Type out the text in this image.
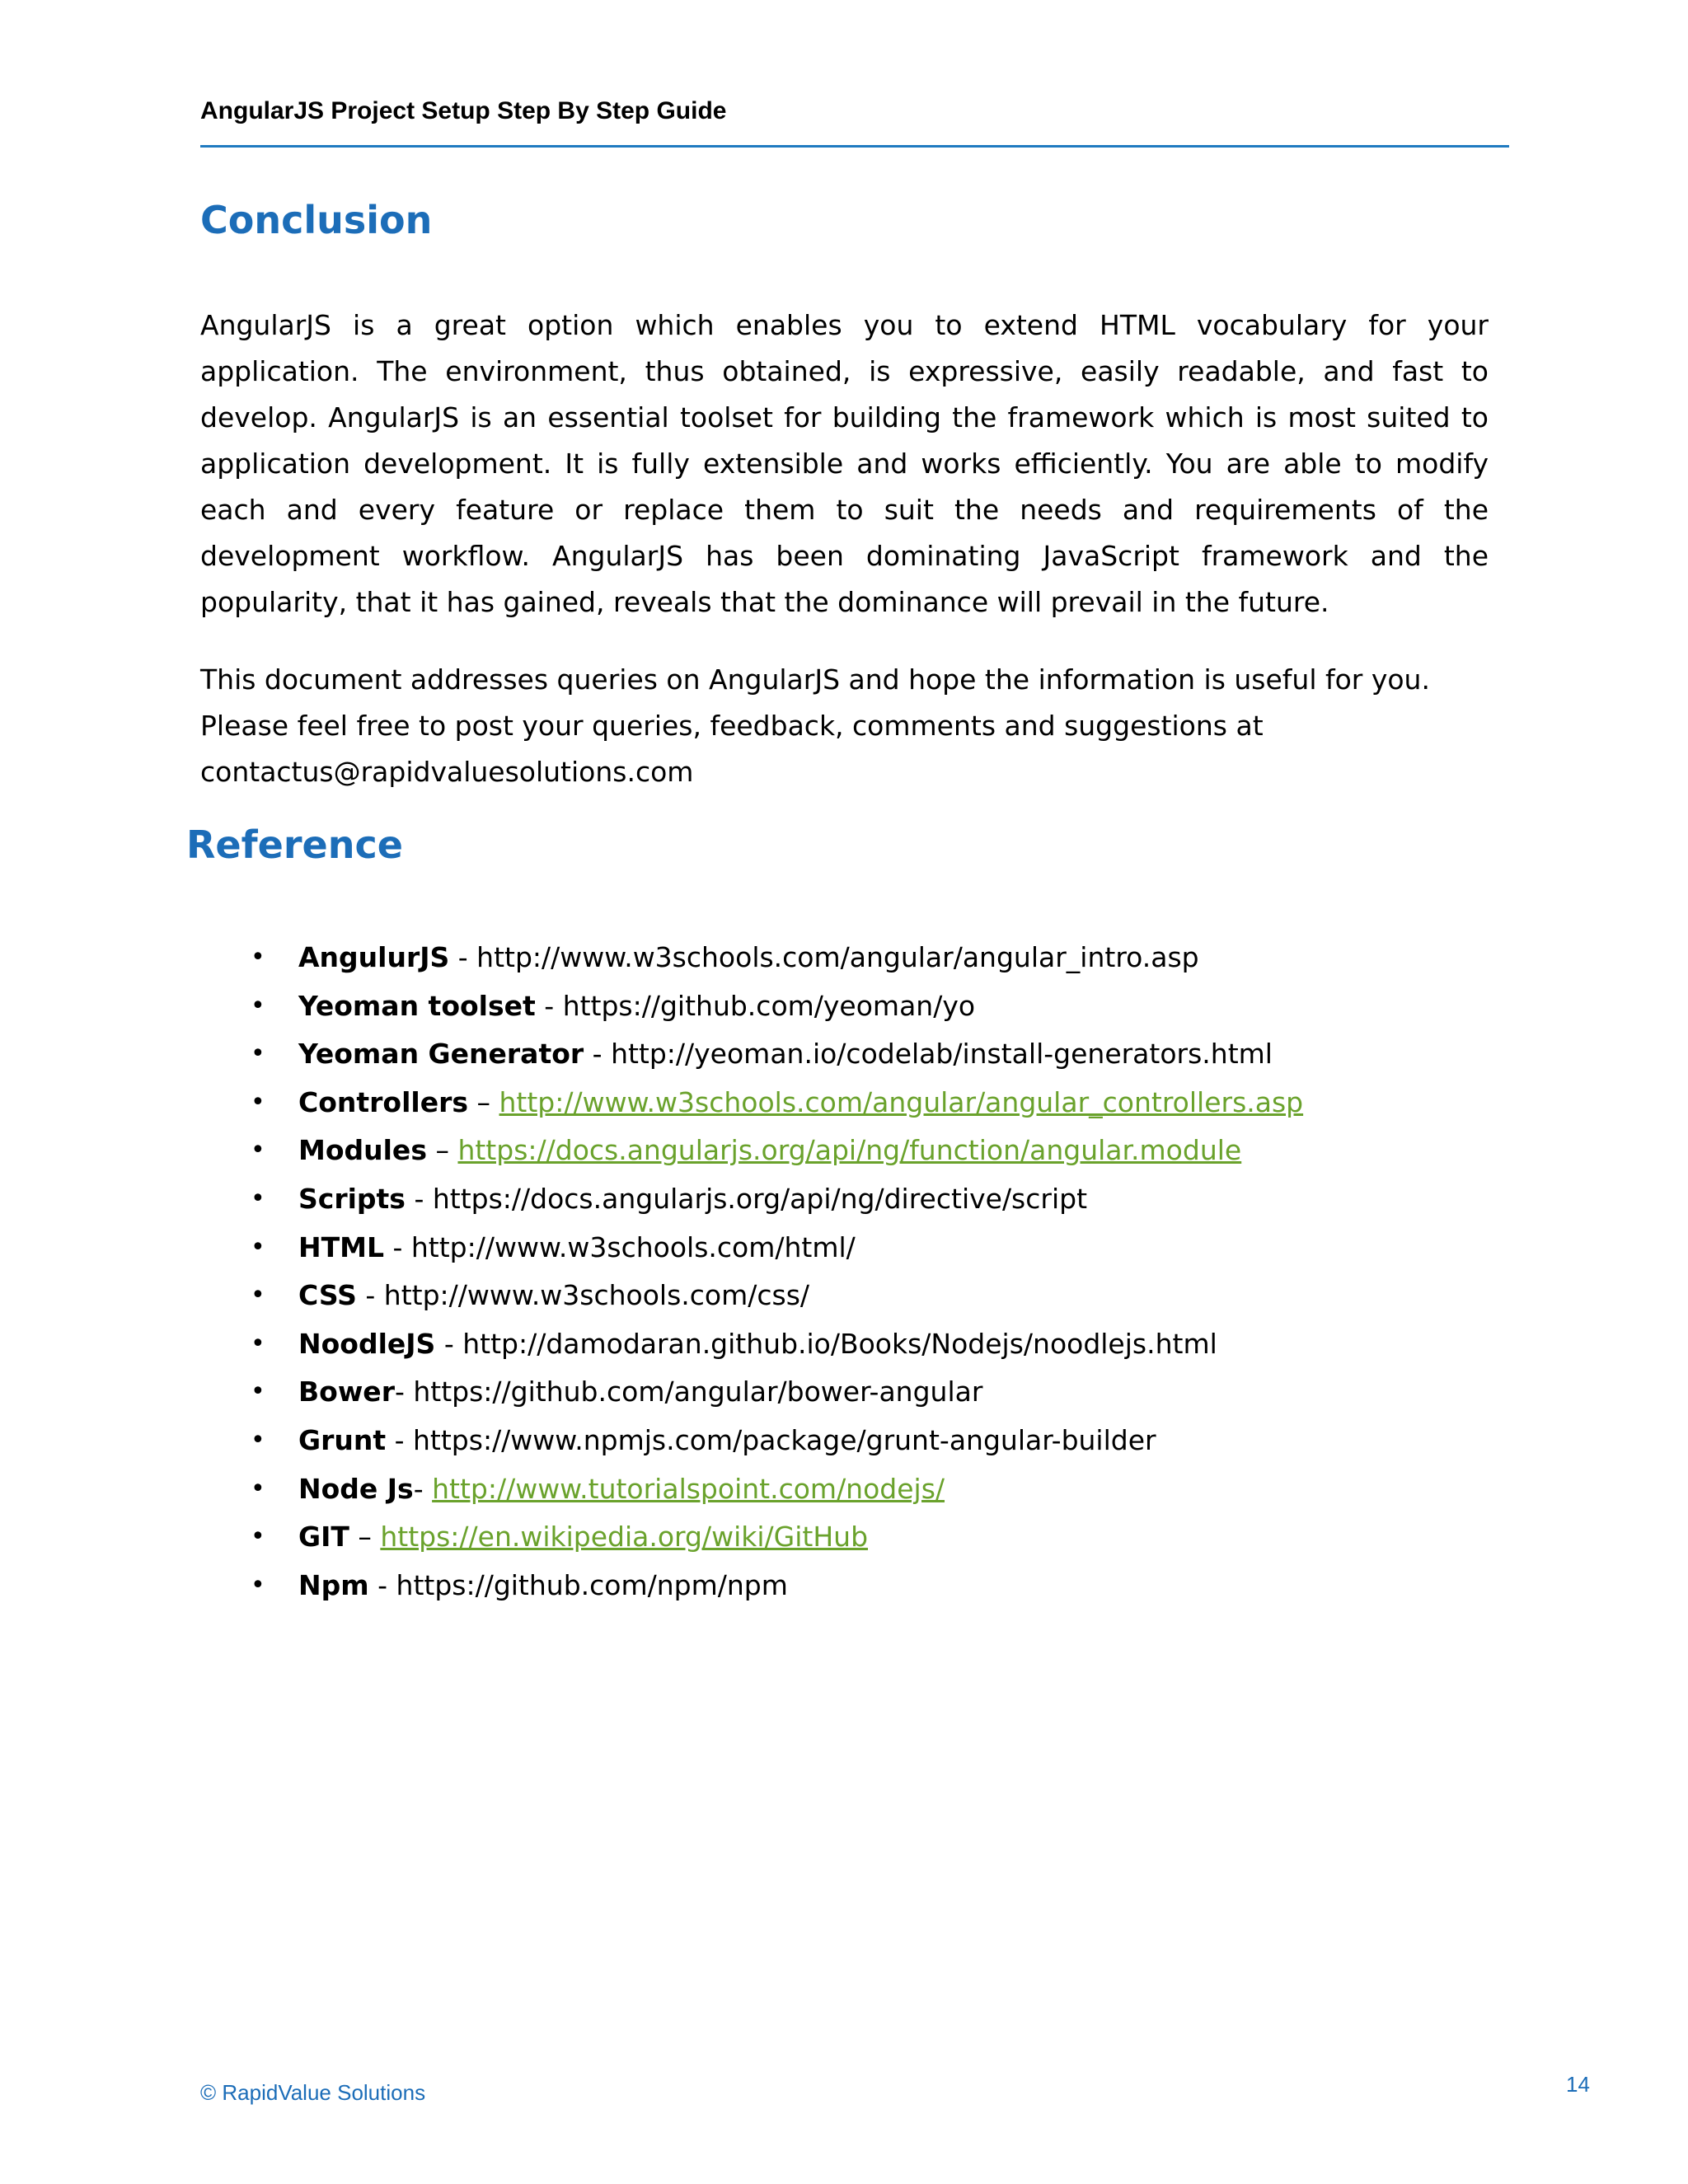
AngularJS Project Setup Step By Step Guide

Conclusion

AngularJS is a great option which enables you to extend HTML vocabulary for your application. The environment, thus obtained, is expressive, easily readable, and fast to develop. AngularJS is an essential toolset for building the framework which is most suited to application development. It is fully extensible and works efficiently. You are able to modify each and every feature or replace them to suit the needs and requirements of the development workflow. AngularJS has been dominating JavaScript framework and the popularity, that it has gained, reveals that the dominance will prevail in the future.

This document addresses queries on AngularJS and hope the information is useful for you.
Please feel free to post your queries, feedback, comments and suggestions at
contactus@rapidvaluesolutions.com

Reference
• AngulurJS - http://www.w3schools.com/angular/angular_intro.asp
• Yeoman toolset - https://github.com/yeoman/yo
• Yeoman Generator - http://yeoman.io/codelab/install-generators.html
• Controllers – http://www.w3schools.com/angular/angular_controllers.asp
• Modules – https://docs.angularjs.org/api/ng/function/angular.module
• Scripts - https://docs.angularjs.org/api/ng/directive/script
• HTML - http://www.w3schools.com/html/
• CSS - http://www.w3schools.com/css/
• NoodleJS - http://damodaran.github.io/Books/Nodejs/noodlejs.html
• Bower- https://github.com/angular/bower-angular
• Grunt - https://www.npmjs.com/package/grunt-angular-builder
• Node Js- http://www.tutorialspoint.com/nodejs/
• GIT – https://en.wikipedia.org/wiki/GitHub
• Npm - https://github.com/npm/npm

© RapidValue Solutions	14
